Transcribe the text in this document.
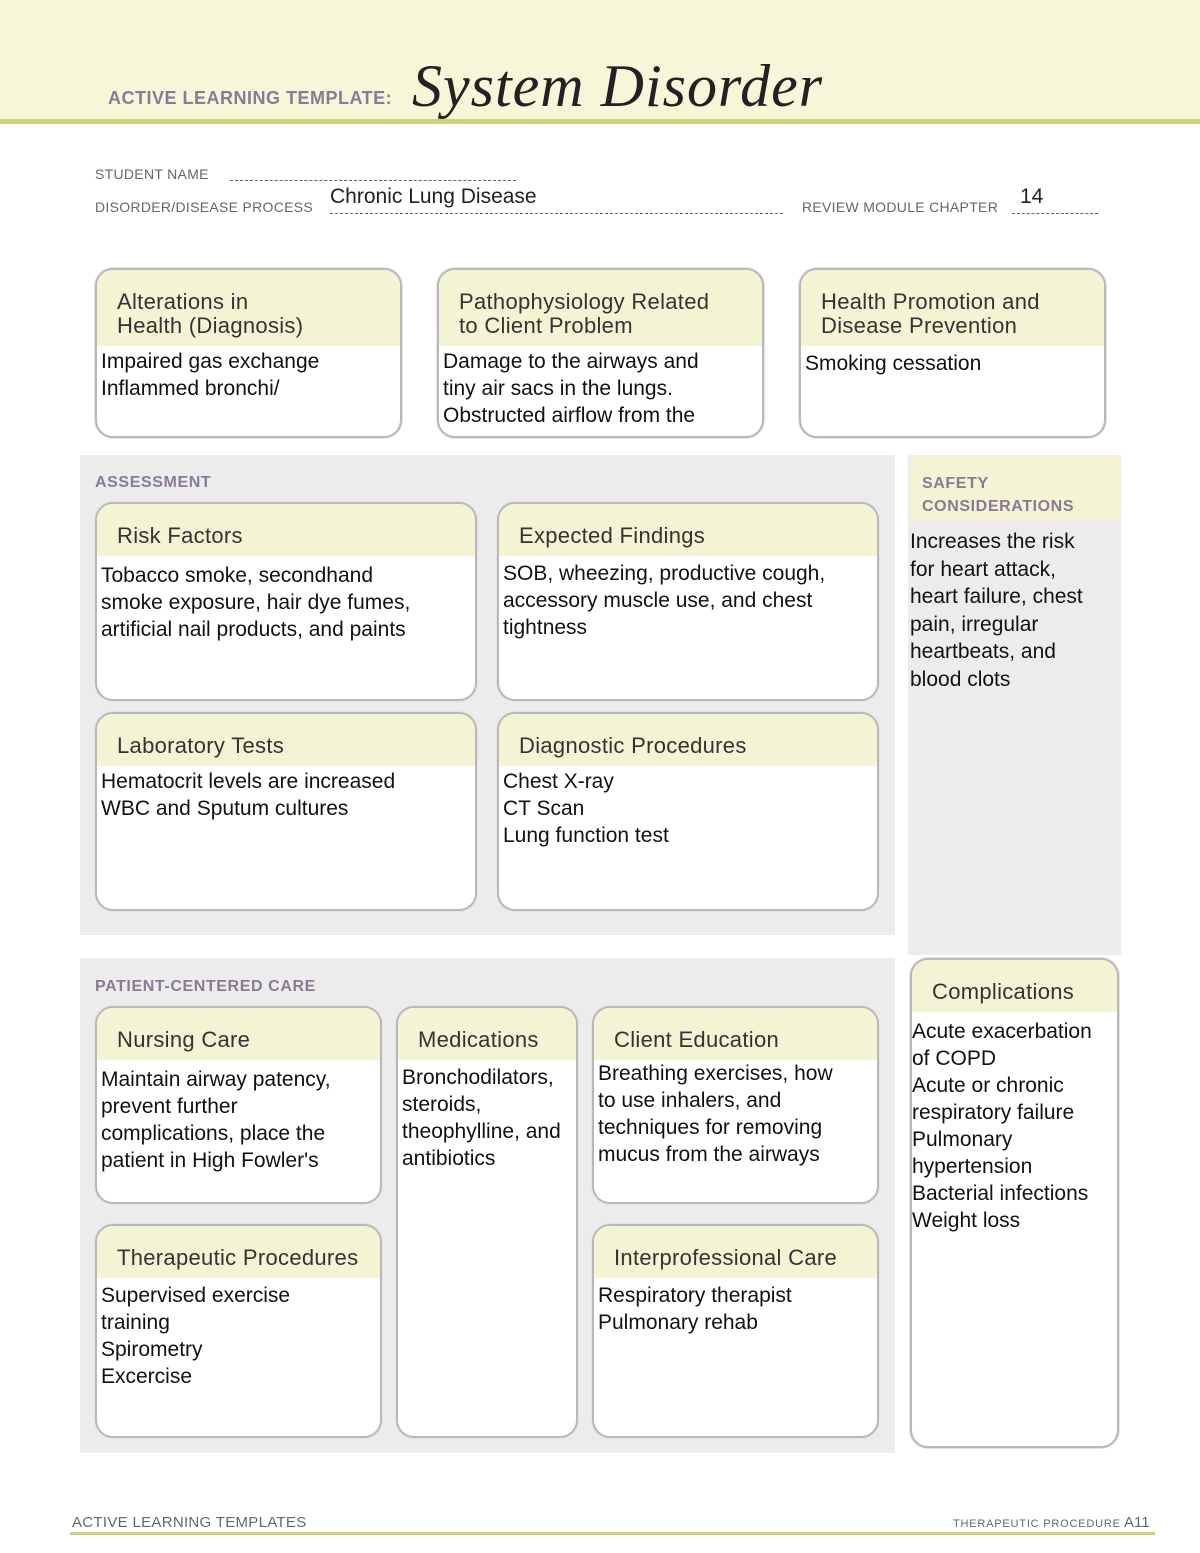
ACTIVE LEARNING TEMPLATE: System Disorder
STUDENT NAME
DISORDER/DISEASE PROCESS Chronic Lung Disease	REVIEW MODULE CHAPTER 14
Alterations in
Health (Diagnosis)
Impaired gas exchange
Inflammed bronchi/
Pathophysiology Related
to Client Problem
Damage to the airways and
tiny air sacs in the lungs.
Obstructed airflow from the
Health Promotion and
Disease Prevention
Smoking cessation
ASSESSMENT
Risk Factors
Tobacco smoke, secondhand
smoke exposure, hair dye fumes,
artificial nail products, and paints
Expected Findings
SOB, wheezing, productive cough,
accessory muscle use, and chest
tightness
Laboratory Tests
Hematocrit levels are increased
WBC and Sputum cultures
Diagnostic Procedures
Chest X-ray
CT Scan
Lung function test
SAFETY
CONSIDERATIONS
Increases the risk
for heart attack,
heart failure, chest
pain, irregular
heartbeats, and
blood clots
PATIENT-CENTERED CARE
Nursing Care
Maintain airway patency,
prevent further
complications, place the
patient in High Fowler's
Medications
Bronchodilators,
steroids,
theophylline, and
antibiotics
Client Education
Breathing exercises, how
to use inhalers, and
techniques for removing
mucus from the airways
Therapeutic Procedures
Supervised exercise
training
Spirometry
Excercise
Interprofessional Care
Respiratory therapist
Pulmonary rehab
Complications
Acute exacerbation
of COPD
Acute or chronic
respiratory failure
Pulmonary
hypertension
Bacterial infections
Weight loss
ACTIVE LEARNING TEMPLATES	THERAPEUTIC PROCEDURE A11
